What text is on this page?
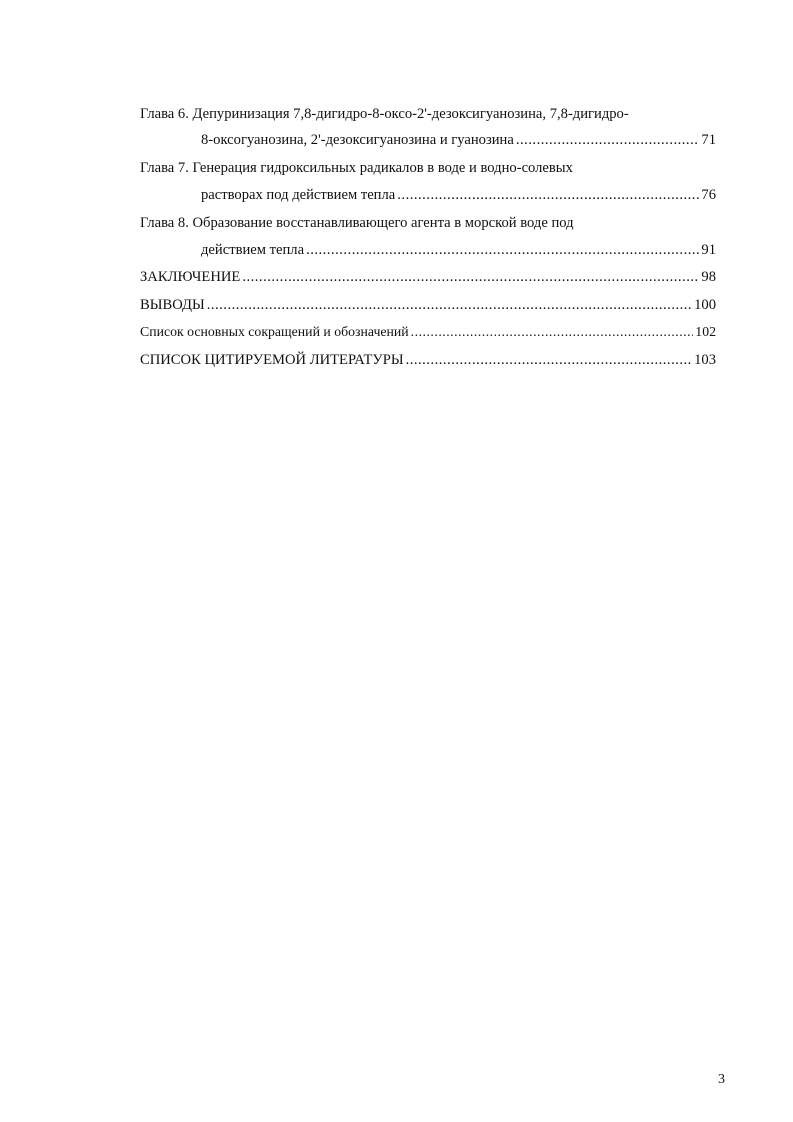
Глава 6. Депуринизация 7,8-дигидро-8-оксо-2'-дезоксигуанозина, 7,8-дигидро-
8-оксогуанозина, 2'-дезоксигуанозина и гуанозина .....	71
Глава 7. Генерация гидроксильных радикалов в воде и водно-солевых
растворах под действием тепла .....	76
Глава 8. Образование восстанавливающего агента в морской воде под
действием тепла .....	91
ЗАКЛЮЧЕНИЕ .....	98
ВЫВОДЫ .....	100
Список основных сокращений и обозначений .....	102
СПИСОК ЦИТИРУЕМОЙ ЛИТЕРАТУРЫ .....	103
3
